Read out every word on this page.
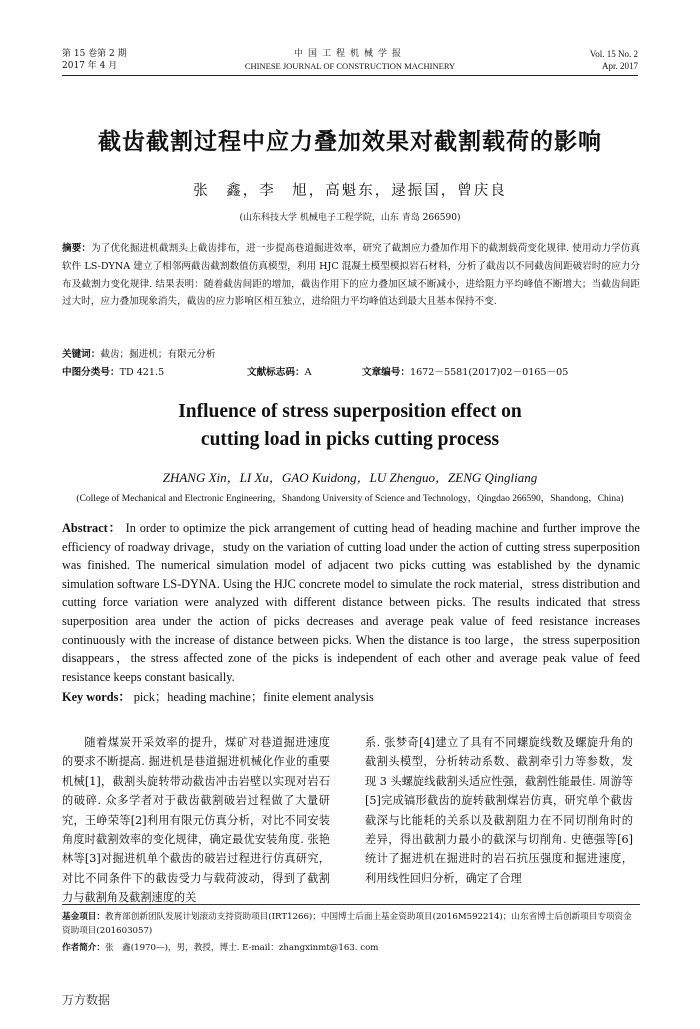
第 15 卷第 2 期
2017 年 4 月
中国工程机械学报
CHINESE JOURNAL OF CONSTRUCTION MACHINERY
Vol. 15 No. 2
Apr. 2017
截齿截割过程中应力叠加效果对截割载荷的影响
张　鑫，李　旭，高魁东，逯振国，曾庆良
(山东科技大学 机械电子工程学院，山东 青岛 266590)
摘要：为了优化掘进机截割头上截齿排布，进一步提高巷道掘进效率，研究了截割应力叠加作用下的截割载荷变化规律. 使用动力学仿真软件 LS-DYNA 建立了相邻两截齿截割数值仿真模型，利用 HJC 混凝土模型模拟岩石材料，分析了截齿以不同截齿间距破岩时的应力分布及截割力变化规律. 结果表明：随着截齿间距的增加，截齿作用下的应力叠加区域不断减小，进给阻力平均峰值不断增大；当截齿间距过大时，应力叠加现象消失，截齿的应力影响区相互独立，进给阻力平均峰值达到最大且基本保持不变.
关键词：截齿；掘进机；有限元分析
中图分类号：TD 421.5	文献标志码：A	文章编号：1672－5581(2017)02－0165－05
Influence of stress superposition effect on
cutting load in picks cutting process
ZHANG Xin，LI Xu，GAO Kuidong，LU Zhenguo，ZENG Qingliang
(College of Mechanical and Electronic Engineering，Shandong University of Science and Technology，Qingdao 266590，Shandong，China)
Abstract： In order to optimize the pick arrangement of cutting head of heading machine and further improve the efficiency of roadway drivage，study on the variation of cutting load under the action of cutting stress superposition was finished. The numerical simulation model of adjacent two picks cutting was established by the dynamic simulation software LS-DYNA. Using the HJC concrete model to simulate the rock material，stress distribution and cutting force variation were analyzed with different distance between picks. The results indicated that stress superposition area under the action of picks decreases and average peak value of feed resistance increases continuously with the increase of distance between picks. When the distance is too large，the stress superposition disappears，the stress affected zone of the picks is independent of each other and average peak value of feed resistance keeps constant basically.
Key words： pick；heading machine；finite element analysis
随着煤炭开采效率的提升，煤矿对巷道掘进速度的要求不断提高. 掘进机是巷道掘进机械化作业的重要机械[1]，截割头旋转带动截齿冲击岩壁以实现对岩石的破碎. 众多学者对于截齿截割破岩过程做了大量研究，王峥荣等[2]利用有限元仿真分析，对比不同安装角度时截割效率的变化规律，确定最优安装角度. 张艳林等[3]对掘进机单个截齿的破岩过程进行仿真研究，对比不同条件下的截齿受力与载荷波动，得到了截割力与截割角及截割速度的关
系. 张梦奇[4]建立了具有不同螺旋线数及螺旋升角的截割头模型，分析转动系数、截割牵引力等参数，发现 3 头螺旋线截割头适应性强，截割性能最佳. 周游等[5]完成镐形截齿的旋转截割煤岩仿真，研究单个截齿截深与比能耗的关系以及截割阻力在不同切削角时的差异，得出截割力最小的截深与切削角. 史德强等[6]统计了掘进机在掘进时的岩石抗压强度和掘进速度，利用线性回归分析，确定了合理
基金项目：教育部创新团队发展计划滚动支持资助项目(IRT1266)；中国博士后面上基金资助项目(2016M592214)；山东省博士后创新项目专项资金资助项目(201603057)
作者简介：张　鑫(1970—)，男，教授，博士. E-mail：zhangxinmt@163. com
万方数据
